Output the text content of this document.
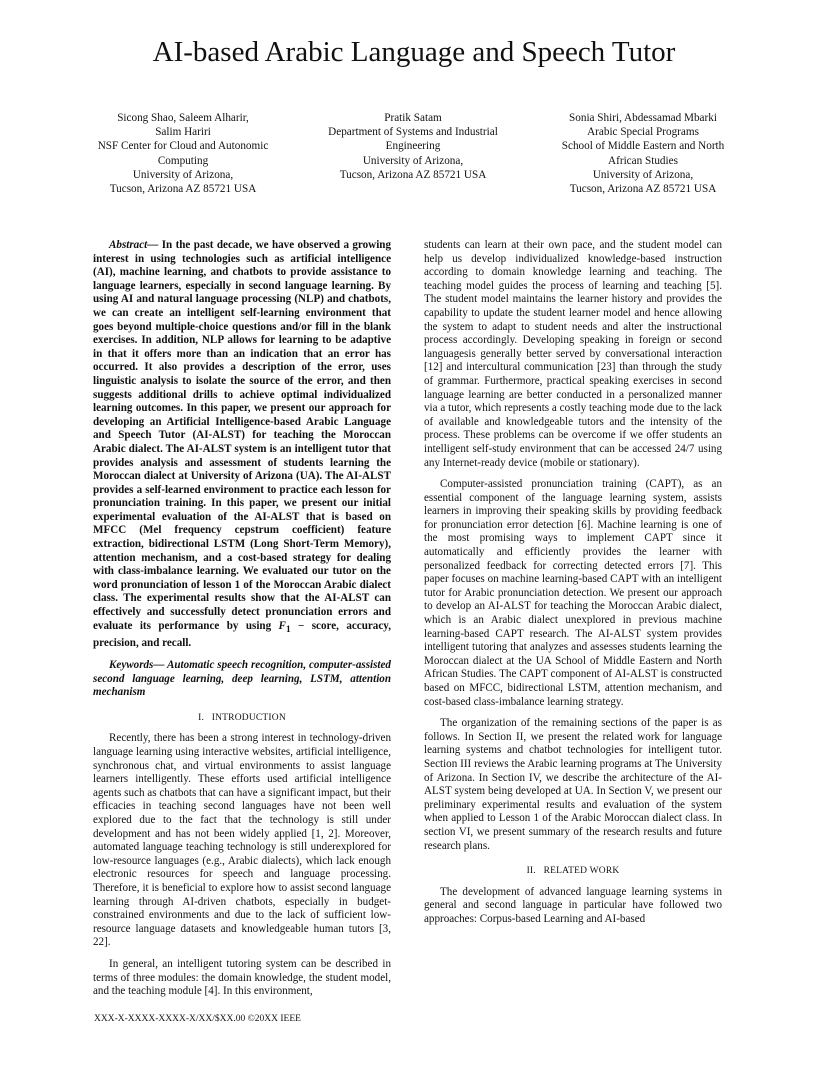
AI-based Arabic Language and Speech Tutor
Sicong Shao, Saleem Alharir,
Salim Hariri
NSF Center for Cloud and Autonomic
Computing
University of Arizona,
Tucson, Arizona AZ 85721 USA
Pratik Satam
Department of Systems and Industrial
Engineering
University of Arizona,
Tucson, Arizona AZ 85721 USA
Sonia Shiri, Abdessamad Mbarki
Arabic Special Programs
School of Middle Eastern and North
African Studies
University of Arizona,
Tucson, Arizona AZ 85721 USA

Abstract— In the past decade, we have observed a growing interest in using technologies such as artificial intelligence (AI), machine learning, and chatbots to provide assistance to language learners, especially in second language learning. By using AI and natural language processing (NLP) and chatbots, we can create an intelligent self-learning environment that goes beyond multiple-choice questions and/or fill in the blank exercises. In addition, NLP allows for learning to be adaptive in that it offers more than an indication that an error has occurred. It also provides a description of the error, uses linguistic analysis to isolate the source of the error, and then suggests additional drills to achieve optimal individualized learning outcomes. In this paper, we present our approach for developing an Artificial Intelligence-based Arabic Language and Speech Tutor (AI-ALST) for teaching the Moroccan Arabic dialect. The AI-ALST system is an intelligent tutor that provides analysis and assessment of students learning the Moroccan dialect at University of Arizona (UA). The AI-ALST provides a self-learned environment to practice each lesson for pronunciation training. In this paper, we present our initial experimental evaluation of the AI-ALST that is based on MFCC (Mel frequency cepstrum coefficient) feature extraction, bidirectional LSTM (Long Short-Term Memory), attention mechanism, and a cost-based strategy for dealing with class-imbalance learning. We evaluated our tutor on the word pronunciation of lesson 1 of the Moroccan Arabic dialect class. The experimental results show that the AI-ALST can effectively and successfully detect pronunciation errors and evaluate its performance by using $F_1$ − score, accuracy, precision, and recall.

Keywords— Automatic speech recognition, computer-assisted second language learning, deep learning, LSTM, attention mechanism

I.   INTRODUCTION

Recently, there has been a strong interest in technology-driven language learning using interactive websites, artificial intelligence, synchronous chat, and virtual environments to assist language learners intelligently. These efforts used artificial intelligence agents such as chatbots that can have a significant impact, but their efficacies in teaching second languages have not been well explored due to the fact that the technology is still under development and has not been widely applied [1, 2]. Moreover, automated language teaching technology is still underexplored for low-resource languages (e.g., Arabic dialects), which lack enough electronic resources for speech and language processing. Therefore, it is beneficial to explore how to assist second language learning through AI-driven chatbots, especially in budget-constrained environments and due to the lack of sufficient low-resource language datasets and knowledgeable human tutors [3, 22].

In general, an intelligent tutoring system can be described in terms of three modules: the domain knowledge, the student model, and the teaching module [4]. In this environment,

students can learn at their own pace, and the student model can help us develop individualized knowledge-based instruction according to domain knowledge learning and teaching. The teaching model guides the process of learning and teaching [5]. The student model maintains the learner history and provides the capability to update the student learner model and hence allowing the system to adapt to student needs and alter the instructional process accordingly. Developing speaking in foreign or second languagesis generally better served by conversational interaction [12] and intercultural communication [23] than through the study of grammar. Furthermore, practical speaking exercises in second language learning are better conducted in a personalized manner via a tutor, which represents a costly teaching mode due to the lack of available and knowledgeable tutors and the intensity of the process. These problems can be overcome if we offer students an intelligent self-study environment that can be accessed 24/7 using any Internet-ready device (mobile or stationary).

Computer-assisted pronunciation training (CAPT), as an essential component of the language learning system, assists learners in improving their speaking skills by providing feedback for pronunciation error detection [6]. Machine learning is one of the most promising ways to implement CAPT since it automatically and efficiently provides the learner with personalized feedback for correcting detected errors [7]. This paper focuses on machine learning-based CAPT with an intelligent tutor for Arabic pronunciation detection. We present our approach to develop an AI-ALST for teaching the Moroccan Arabic dialect, which is an Arabic dialect unexplored in previous machine learning-based CAPT research. The AI-ALST system provides intelligent tutoring that analyzes and assesses students learning the Moroccan dialect at the UA School of Middle Eastern and North African Studies. The CAPT component of AI-ALST is constructed based on MFCC, bidirectional LSTM, attention mechanism, and cost-based class-imbalance learning strategy.

The organization of the remaining sections of the paper is as follows. In Section II, we present the related work for language learning systems and chatbot technologies for intelligent tutor. Section III reviews the Arabic learning programs at The University of Arizona. In Section IV, we describe the architecture of the AI-ALST system being developed at UA. In Section V, we present our preliminary experimental results and evaluation of the system when applied to Lesson 1 of the Arabic Moroccan dialect class. In section VI, we present summary of the research results and future research plans.

II.   RELATED WORK

The development of advanced language learning systems in general and second language in particular have followed two approaches: Corpus-based Learning and AI-based

XXX-X-XXXX-XXXX-X/XX/$XX.00 ©20XX IEEE
